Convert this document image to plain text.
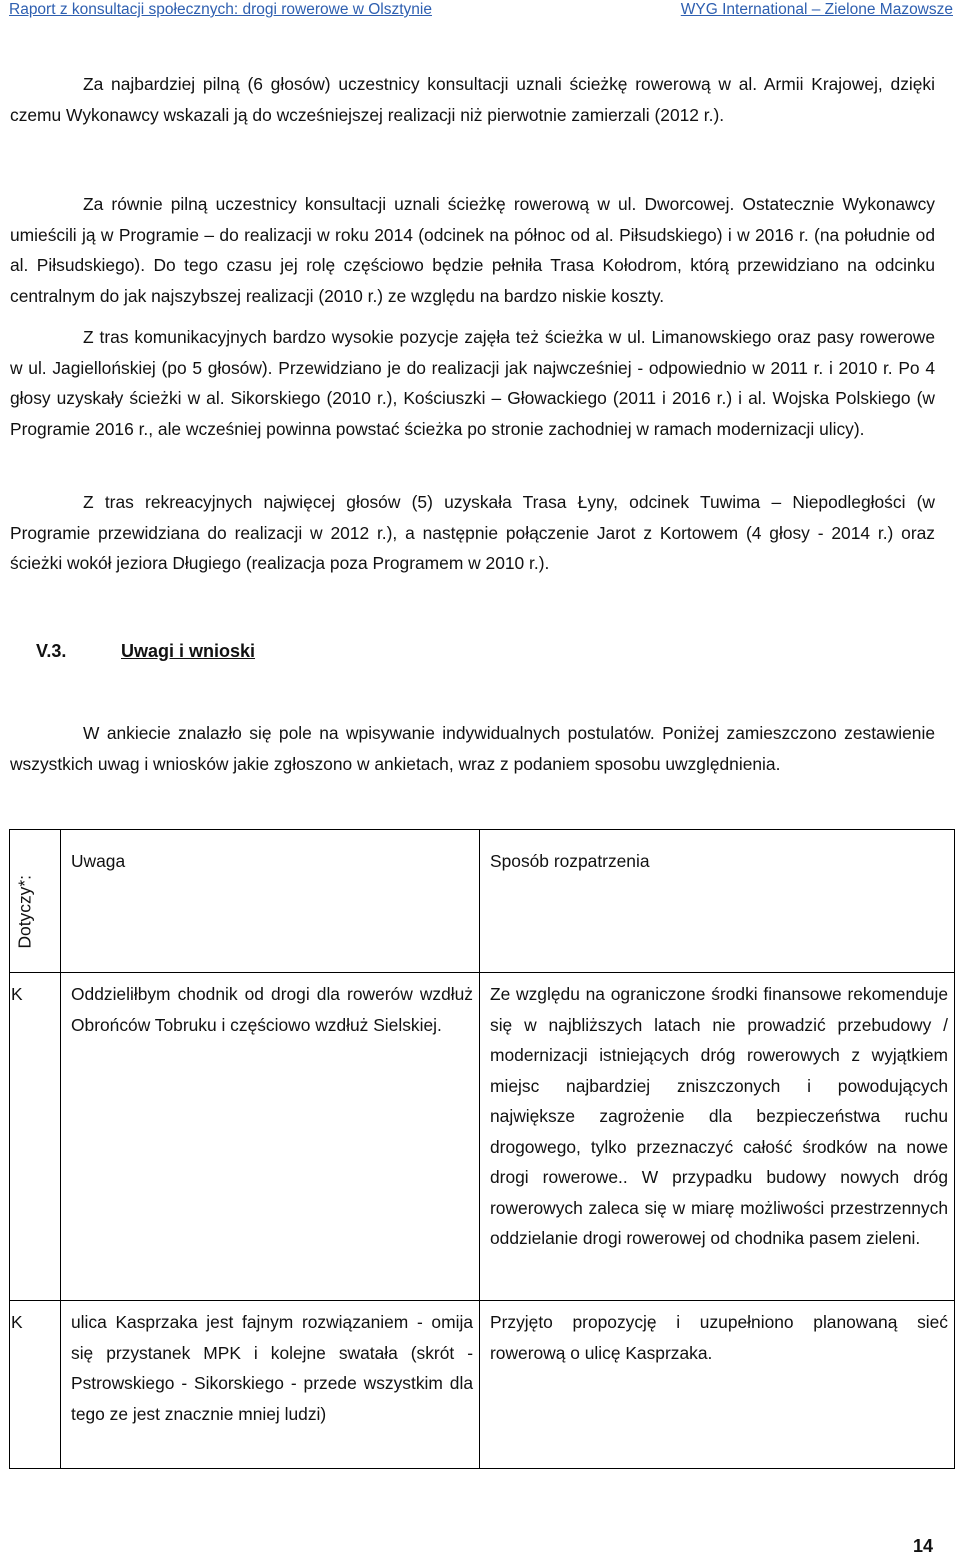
Raport z konsultacji społecznych: drogi rowerowe w Olsztynie	WYG International – Zielone Mazowsze

Za najbardziej pilną (6 głosów) uczestnicy konsultacji uznali ścieżkę rowerową w al. Armii Krajowej, dzięki czemu Wykonawcy wskazali ją do wcześniejszej realizacji niż pierwotnie zamierzali (2012 r.).

Za równie pilną uczestnicy konsultacji uznali ścieżkę rowerową w ul. Dworcowej. Ostatecznie Wykonawcy umieścili ją w Programie – do realizacji w roku 2014 (odcinek na północ od al. Piłsudskiego) i w 2016 r. (na południe od al. Piłsudskiego). Do tego czasu jej rolę częściowo będzie pełniła Trasa Kołodrom, którą przewidziano na odcinku centralnym do jak najszybszej realizacji (2010 r.) ze względu na bardzo niskie koszty.

Z tras komunikacyjnych bardzo wysokie pozycje zajęła też ścieżka w ul. Limanowskiego oraz pasy rowerowe w ul. Jagiellońskiej (po 5 głosów). Przewidziano je do realizacji jak najwcześniej - odpowiednio w 2011 r. i 2010 r. Po 4 głosy uzyskały ścieżki w al. Sikorskiego (2010 r.), Kościuszki – Głowackiego (2011 i 2016 r.) i al. Wojska Polskiego (w Programie 2016 r., ale wcześniej powinna powstać ścieżka po stronie zachodniej w ramach modernizacji ulicy).

Z tras rekreacyjnych najwięcej głosów (5) uzyskała Trasa Łyny, odcinek Tuwima – Niepodległości (w Programie przewidziana do realizacji w 2012 r.), a następnie połączenie Jarot z Kortowem (4 głosy - 2014 r.) oraz ścieżki wokół jeziora Długiego (realizacja poza Programem w 2010 r.).

V.3.	Uwagi i wnioski

W ankiecie znalazło się pole na wpisywanie indywidualnych postulatów. Poniżej zamieszczono zestawienie wszystkich uwag i wniosków jakie zgłoszono w ankietach, wraz z podaniem sposobu uwzględnienia.

Dotyczy*:	Uwaga	Sposób rozpatrzenia
K	Oddzieliłbym chodnik od drogi dla rowerów wzdłuż Obrońców Tobruku i częściowo wzdłuż Sielskiej.	Ze względu na ograniczone środki finansowe rekomenduje się w najbliższych latach nie prowadzić przebudowy / modernizacji istniejących dróg rowerowych z wyjątkiem miejsc najbardziej zniszczonych i powodujących największe zagrożenie dla bezpieczeństwa ruchu drogowego, tylko przeznaczyć całość środków na nowe drogi rowerowe.. W przypadku budowy nowych dróg rowerowych zaleca się w miarę możliwości przestrzennych oddzielanie drogi rowerowej od chodnika pasem zieleni.
K	ulica Kasprzaka jest fajnym rozwiązaniem - omija się przystanek MPK i kolejne swatała (skrót - Pstrowskiego - Sikorskiego - przede wszystkim dla tego ze jest znacznie mniej ludzi)	Przyjęto propozycję i uzupełniono planowaną sieć rowerową o ulicę Kasprzaka.
14
